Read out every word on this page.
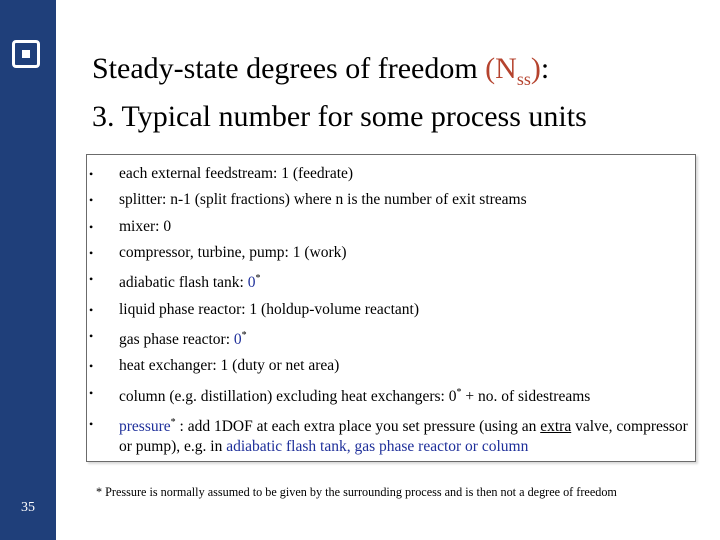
35
Steady-state degrees of freedom $(N_{ss})$:
3. Typical number for some process units
• each external feedstream: 1 (feedrate)
• splitter: n-1 (split fractions) where n is the number of exit streams
• mixer: 0
• compressor, turbine, pump: 1 (work)
• adiabatic flash tank: 0*
• liquid phase reactor: 1 (holdup-volume reactant)
• gas phase reactor: 0*
• heat exchanger: 1 (duty or net area)
• column (e.g. distillation) excluding heat exchangers: 0* + no. of sidestreams
• pressure* : add 1DOF at each extra place you set pressure (using an extra valve, compressor or pump), e.g. in adiabatic flash tank, gas phase reactor or column
* Pressure is normally assumed to be given by the surrounding process and is then not a degree of freedom
